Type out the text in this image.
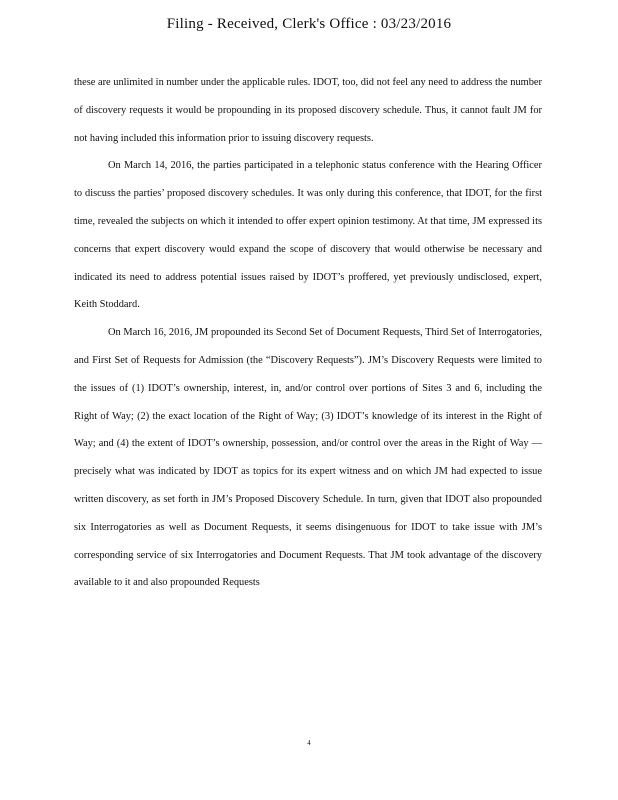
Filing - Received, Clerk's Office : 03/23/2016

these are unlimited in number under the applicable rules. IDOT, too, did not feel any need to address the number of discovery requests it would be propounding in its proposed discovery schedule. Thus, it cannot fault JM for not having included this information prior to issuing discovery requests.

On March 14, 2016, the parties participated in a telephonic status conference with the Hearing Officer to discuss the parties’ proposed discovery schedules. It was only during this conference, that IDOT, for the first time, revealed the subjects on which it intended to offer expert opinion testimony. At that time, JM expressed its concerns that expert discovery would expand the scope of discovery that would otherwise be necessary and indicated its need to address potential issues raised by IDOT’s proffered, yet previously undisclosed, expert, Keith Stoddard.

On March 16, 2016, JM propounded its Second Set of Document Requests, Third Set of Interrogatories, and First Set of Requests for Admission (the “Discovery Requests”). JM’s Discovery Requests were limited to the issues of (1) IDOT’s ownership, interest, in, and/or control over portions of Sites 3 and 6, including the Right of Way; (2) the exact location of the Right of Way; (3) IDOT’s knowledge of its interest in the Right of Way; and (4) the extent of IDOT’s ownership, possession, and/or control over the areas in the Right of Way — precisely what was indicated by IDOT as topics for its expert witness and on which JM had expected to issue written discovery, as set forth in JM’s Proposed Discovery Schedule. In turn, given that IDOT also propounded six Interrogatories as well as Document Requests, it seems disingenuous for IDOT to take issue with JM’s corresponding service of six Interrogatories and Document Requests. That JM took advantage of the discovery available to it and also propounded Requests

4
